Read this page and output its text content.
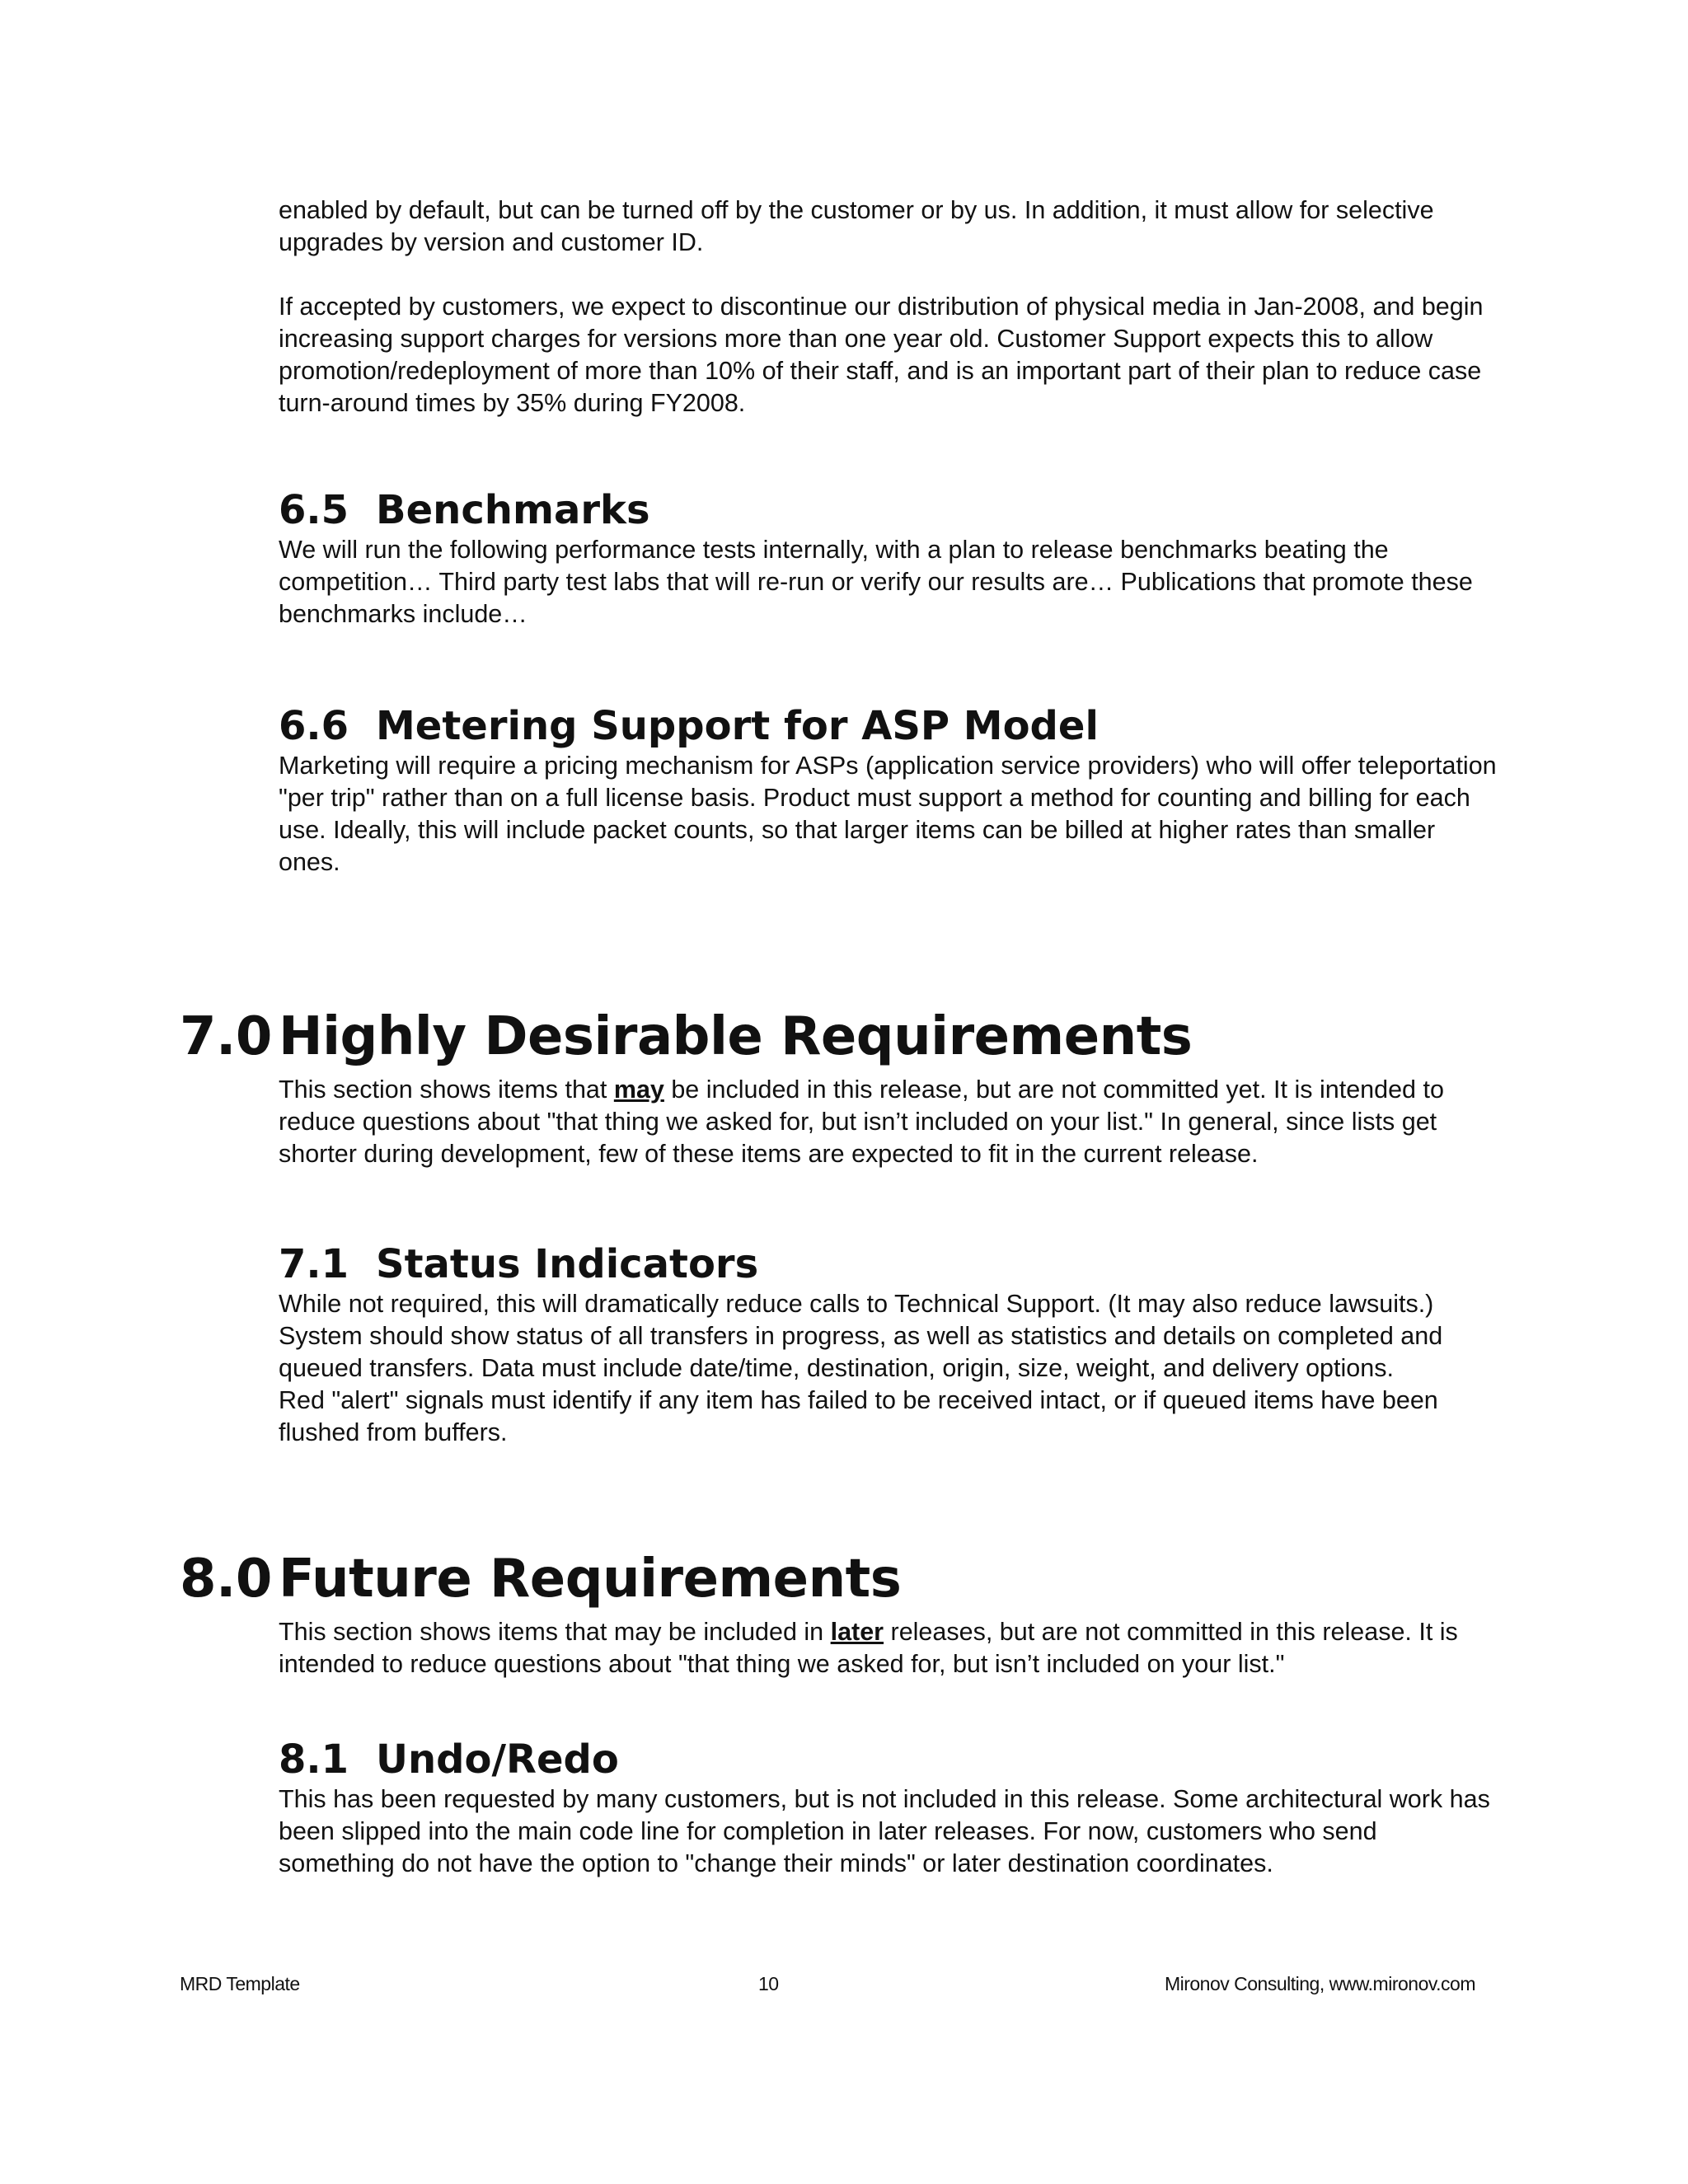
enabled by default, but can be turned off by the customer or by us. In addition, it must allow for selective upgrades by version and customer ID.

If accepted by customers, we expect to discontinue our distribution of physical media in Jan-2008, and begin increasing support charges for versions more than one year old. Customer Support expects this to allow promotion/redeployment of more than 10% of their staff, and is an important part of their plan to reduce case turn-around times by 35% during FY2008.

6.5 Benchmarks

We will run the following performance tests internally, with a plan to release benchmarks beating the competition… Third party test labs that will re-run or verify our results are… Publications that promote these benchmarks include…

6.6 Metering Support for ASP Model

Marketing will require a pricing mechanism for ASPs (application service providers) who will offer teleportation "per trip" rather than on a full license basis. Product must support a method for counting and billing for each use. Ideally, this will include packet counts, so that larger items can be billed at higher rates than smaller ones.

7.0 Highly Desirable Requirements

This section shows items that may be included in this release, but are not committed yet. It is intended to reduce questions about "that thing we asked for, but isn’t included on your list." In general, since lists get shorter during development, few of these items are expected to fit in the current release.

7.1 Status Indicators

While not required, this will dramatically reduce calls to Technical Support. (It may also reduce lawsuits.) System should show status of all transfers in progress, as well as statistics and details on completed and queued transfers. Data must include date/time, destination, origin, size, weight, and delivery options.

Red "alert" signals must identify if any item has failed to be received intact, or if queued items have been flushed from buffers.

8.0 Future Requirements

This section shows items that may be included in later releases, but are not committed in this release. It is intended to reduce questions about "that thing we asked for, but isn’t included on your list."

8.1 Undo/Redo

This has been requested by many customers, but is not included in this release. Some architectural work has been slipped into the main code line for completion in later releases. For now, customers who send something do not have the option to "change their minds" or later destination coordinates.

MRD Template	10	Mironov Consulting, www.mironov.com
